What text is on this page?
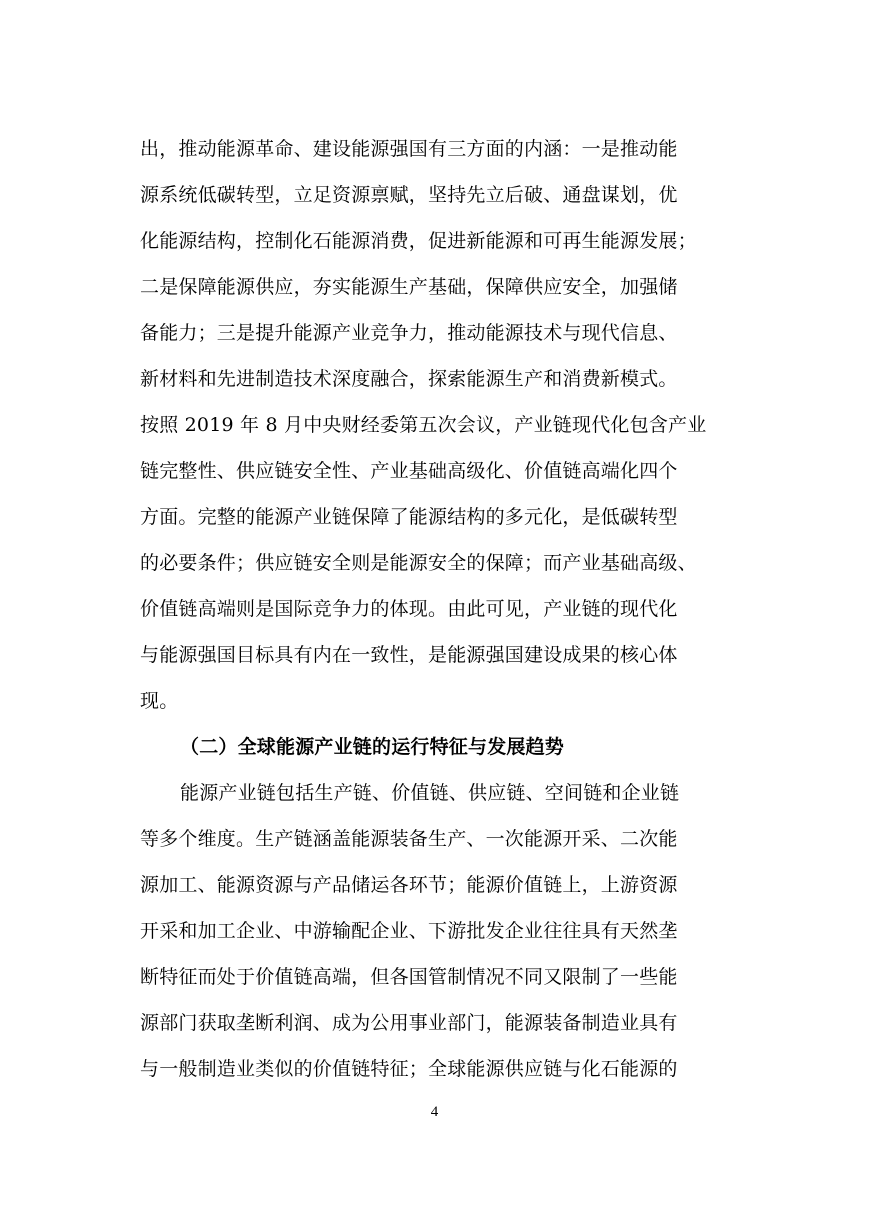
出，推动能源革命、建设能源强国有三方面的内涵：一是推动能
源系统低碳转型，立足资源禀赋，坚持先立后破、通盘谋划，优
化能源结构，控制化石能源消费，促进新能源和可再生能源发展；
二是保障能源供应，夯实能源生产基础，保障供应安全，加强储
备能力；三是提升能源产业竞争力，推动能源技术与现代信息、
新材料和先进制造技术深度融合，探索能源生产和消费新模式。
按照 2019 年 8 月中央财经委第五次会议，产业链现代化包含产业
链完整性、供应链安全性、产业基础高级化、价值链高端化四个
方面。完整的能源产业链保障了能源结构的多元化，是低碳转型
的必要条件；供应链安全则是能源安全的保障；而产业基础高级、
价值链高端则是国际竞争力的体现。由此可见，产业链的现代化
与能源强国目标具有内在一致性，是能源强国建设成果的核心体
现。
（二）全球能源产业链的运行特征与发展趋势
能源产业链包括生产链、价值链、供应链、空间链和企业链
等多个维度。生产链涵盖能源装备生产、一次能源开采、二次能
源加工、能源资源与产品储运各环节；能源价值链上，上游资源
开采和加工企业、中游输配企业、下游批发企业往往具有天然垄
断特征而处于价值链高端，但各国管制情况不同又限制了一些能
源部门获取垄断利润、成为公用事业部门，能源装备制造业具有
与一般制造业类似的价值链特征；全球能源供应链与化石能源的
4
